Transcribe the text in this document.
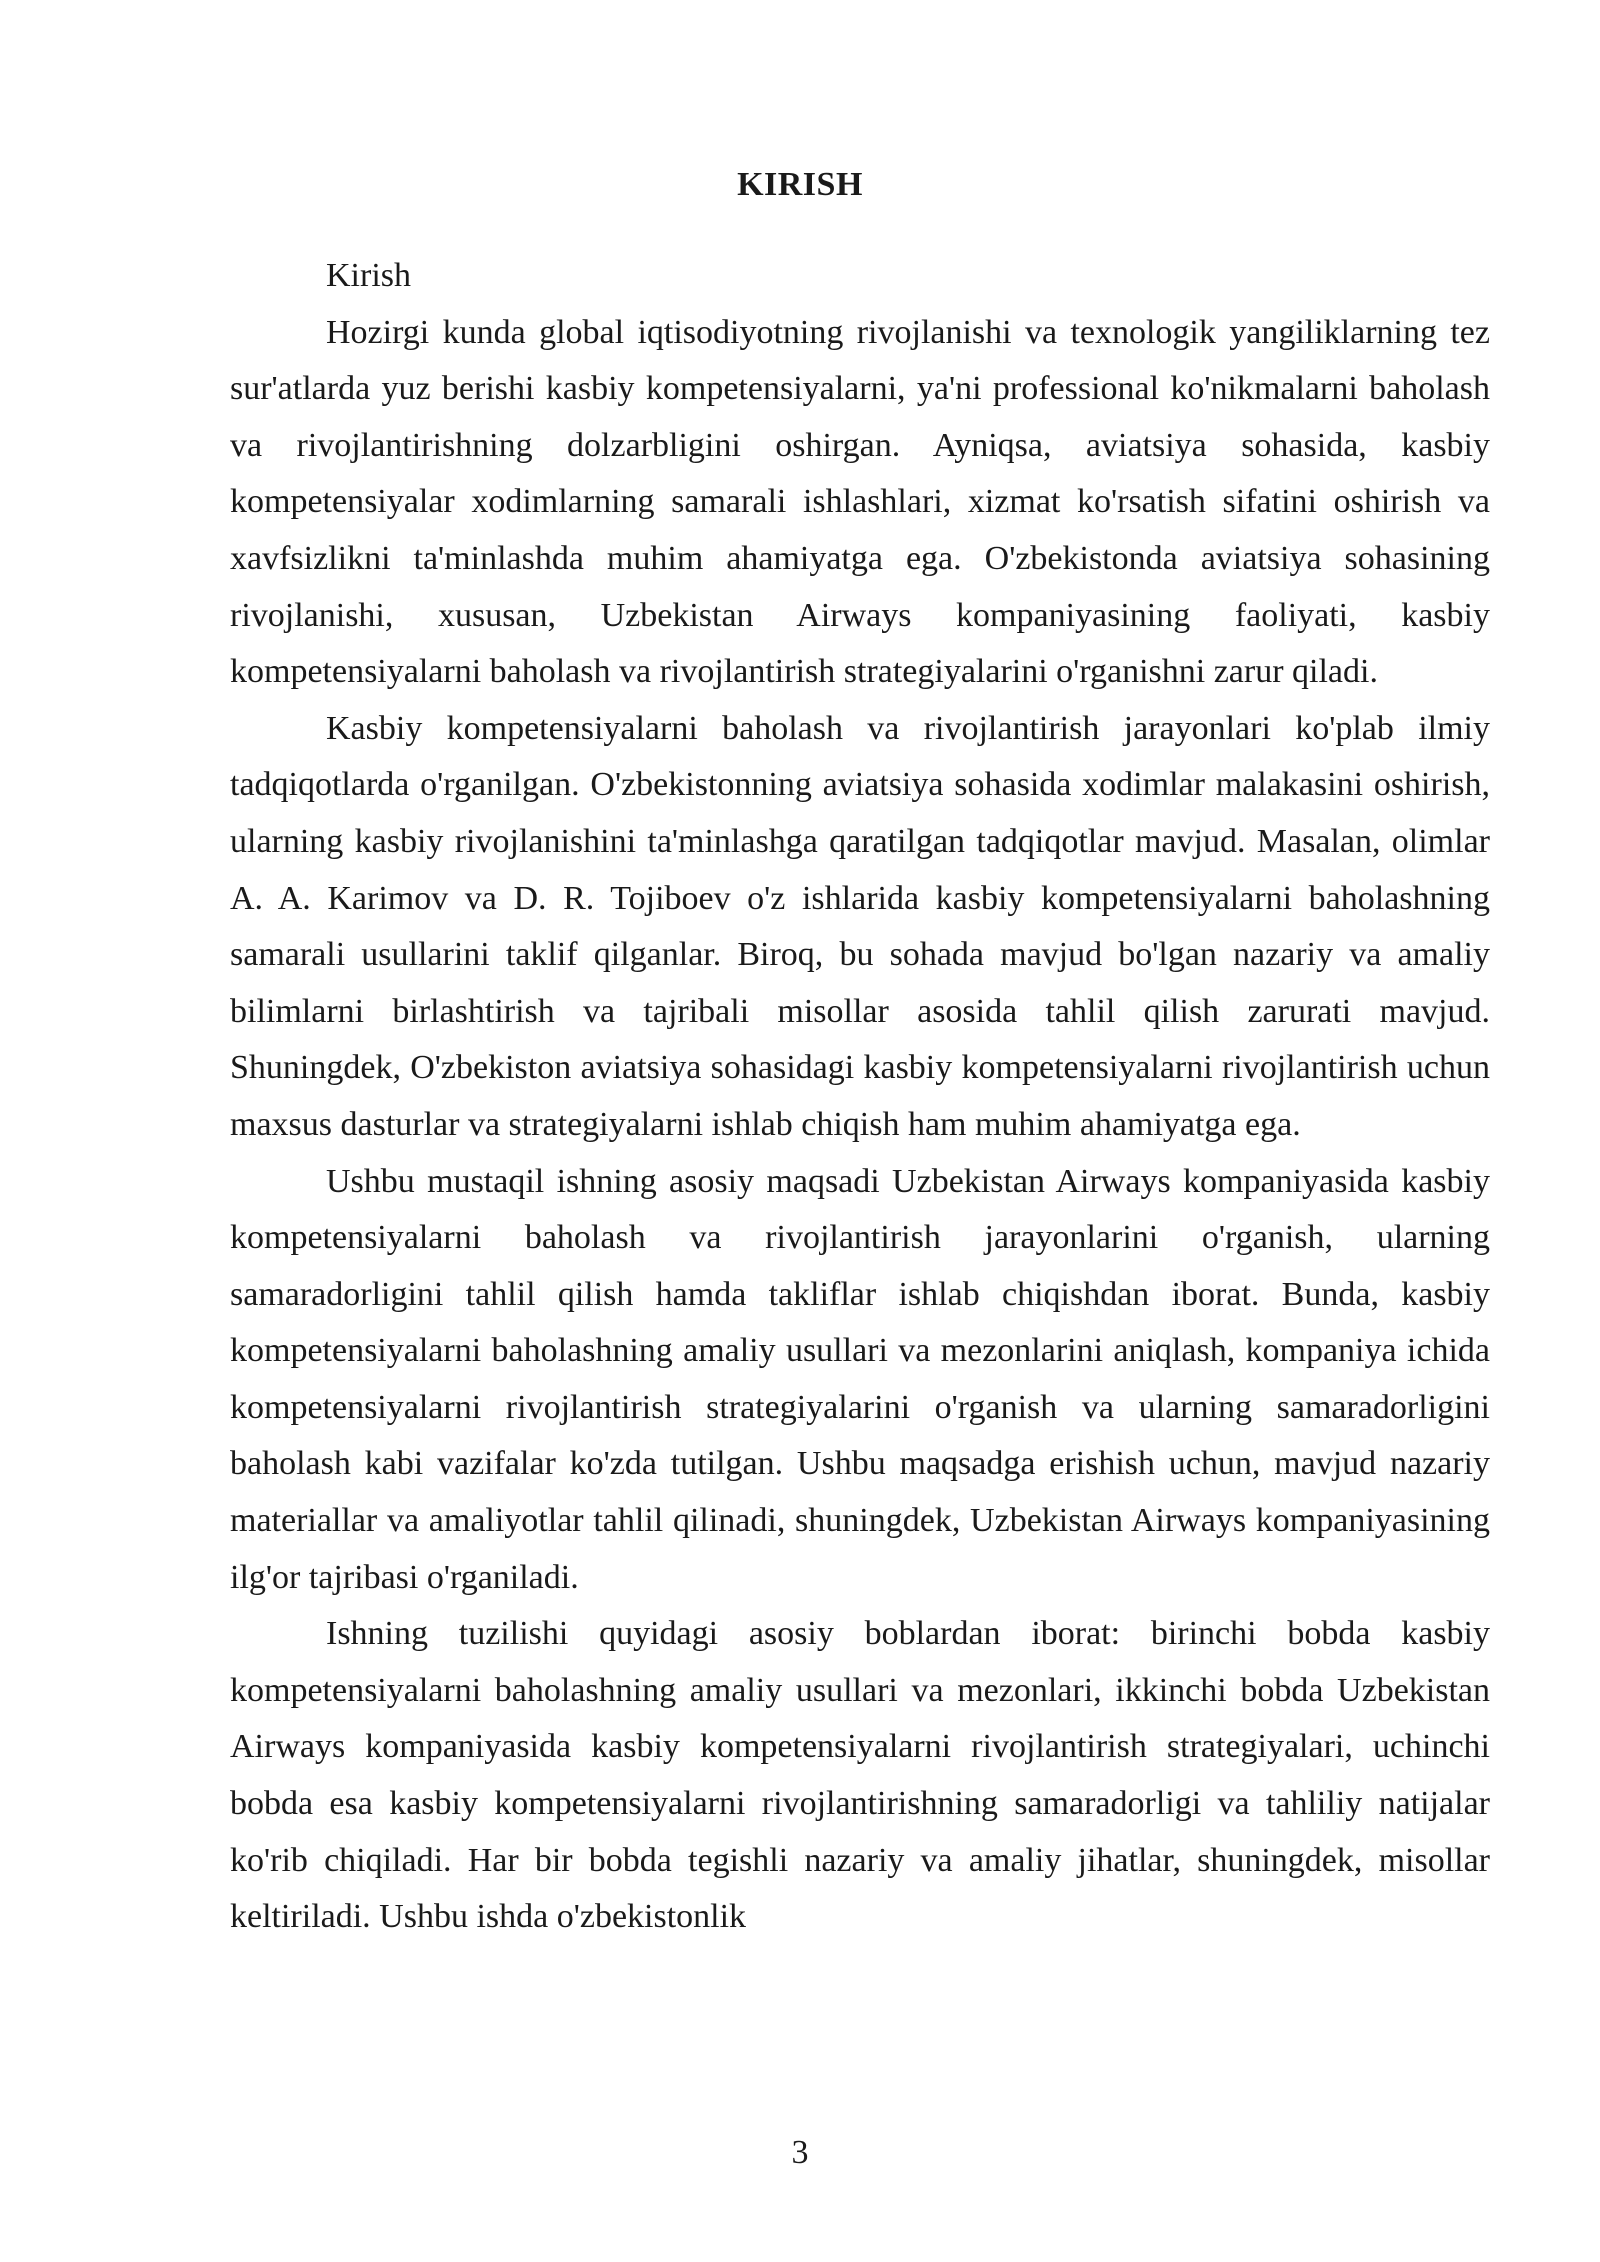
KIRISH

Kirish

Hozirgi kunda global iqtisodiyotning rivojlanishi va texnologik yangiliklarning tez sur'atlarda yuz berishi kasbiy kompetensiyalarni, ya'ni professional ko'nikmalarni baholash va rivojlantirishning dolzarbligini oshirgan. Ayniqsa, aviatsiya sohasida, kasbiy kompetensiyalar xodimlarning samarali ishlashlari, xizmat ko'rsatish sifatini oshirish va xavfsizlikni ta'minlashda muhim ahamiyatga ega. O'zbekistonda aviatsiya sohasining rivojlanishi, xususan, Uzbekistan Airways kompaniyasining faoliyati, kasbiy kompetensiyalarni baholash va rivojlantirish strategiyalarini o'rganishni zarur qiladi.

Kasbiy kompetensiyalarni baholash va rivojlantirish jarayonlari ko'plab ilmiy tadqiqotlarda o'rganilgan. O'zbekistonning aviatsiya sohasida xodimlar malakasini oshirish, ularning kasbiy rivojlanishini ta'minlashga qaratilgan tadqiqotlar mavjud. Masalan, olimlar A. A. Karimov va D. R. Tojiboev o'z ishlarida kasbiy kompetensiyalarni baholashning samarali usullarini taklif qilganlar. Biroq, bu sohada mavjud bo'lgan nazariy va amaliy bilimlarni birlashtirish va tajribali misollar asosida tahlil qilish zarurati mavjud. Shuningdek, O'zbekiston aviatsiya sohasidagi kasbiy kompetensiyalarni rivojlantirish uchun maxsus dasturlar va strategiyalarni ishlab chiqish ham muhim ahamiyatga ega.

Ushbu mustaqil ishning asosiy maqsadi Uzbekistan Airways kompaniyasida kasbiy kompetensiyalarni baholash va rivojlantirish jarayonlarini o'rganish, ularning samaradorligini tahlil qilish hamda takliflar ishlab chiqishdan iborat. Bunda, kasbiy kompetensiyalarni baholashning amaliy usullari va mezonlarini aniqlash, kompaniya ichida kompetensiyalarni rivojlantirish strategiyalarini o'rganish va ularning samaradorligini baholash kabi vazifalar ko'zda tutilgan. Ushbu maqsadga erishish uchun, mavjud nazariy materiallar va amaliyotlar tahlil qilinadi, shuningdek, Uzbekistan Airways kompaniyasining ilg'or tajribasi o'rganiladi.

Ishning tuzilishi quyidagi asosiy boblardan iborat: birinchi bobda kasbiy kompetensiyalarni baholashning amaliy usullari va mezonlari, ikkinchi bobda Uzbekistan Airways kompaniyasida kasbiy kompetensiyalarni rivojlantirish strategiyalari, uchinchi bobda esa kasbiy kompetensiyalarni rivojlantirishning samaradorligi va tahliliy natijalar ko'rib chiqiladi. Har bir bobda tegishli nazariy va amaliy jihatlar, shuningdek, misollar keltiriladi. Ushbu ishda o'zbekistonlik

3
